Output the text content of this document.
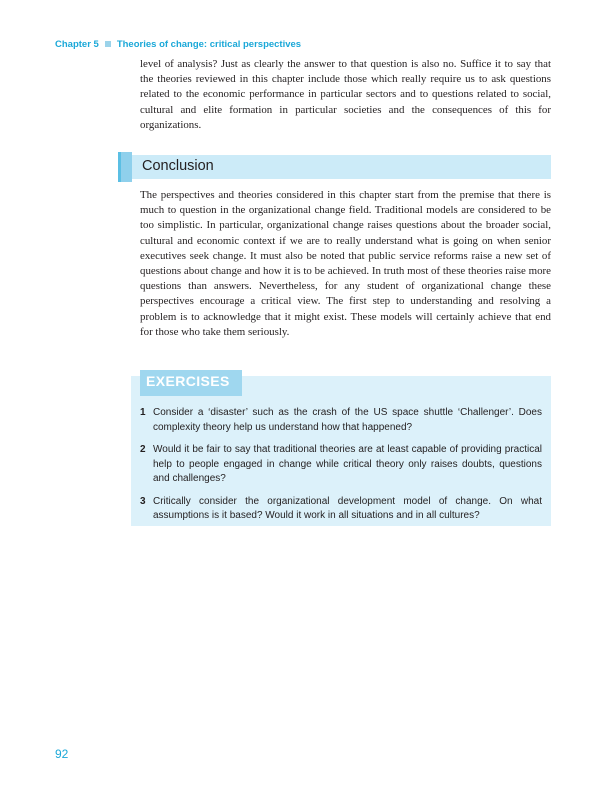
Chapter 5 Theories of change: critical perspectives

level of analysis? Just as clearly the answer to that question is also no. Suffice it to say that the theories reviewed in this chapter include those which really require us to ask questions related to the economic performance in particular sectors and to questions related to social, cultural and elite formation in particular societies and the consequences of this for organizations.

Conclusion

The perspectives and theories considered in this chapter start from the premise that there is much to question in the organizational change field. Traditional models are considered to be too simplistic. In particular, organizational change raises questions about the broader social, cultural and economic context if we are to really understand what is going on when senior executives seek change. It must also be noted that public service reforms raise a new set of questions about change and how it is to be achieved. In truth most of these theories raise more questions than answers. Nevertheless, for any student of organizational change these perspectives encourage a critical view. The first step to understanding and resolving a problem is to acknowledge that it might exist. These models will certainly achieve that end for those who take them seriously.

EXERCISES
1 Consider a ‘disaster’ such as the crash of the US space shuttle ‘Challenger’. Does complexity theory help us understand how that happened?
2 Would it be fair to say that traditional theories are at least capable of providing practical help to people engaged in change while critical theory only raises doubts, questions and challenges?
3 Critically consider the organizational development model of change. On what assumptions is it based? Would it work in all situations and in all cultures?
92
